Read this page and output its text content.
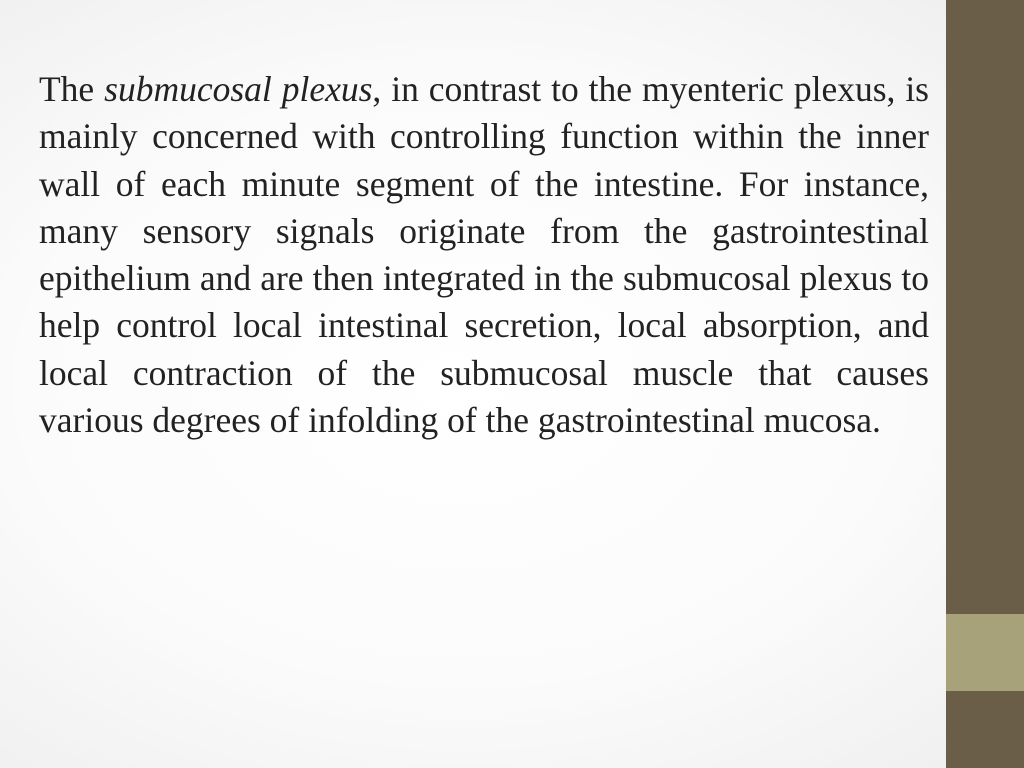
The submucosal plexus, in contrast to the myenteric plexus, is mainly concerned with controlling function within the inner wall of each minute segment of the intestine. For instance, many sensory signals originate from the gastrointestinal epithelium and are then integrated in the submucosal plexus to help control local intestinal secretion, local absorption, and local contraction of the submucosal muscle that causes various degrees of infolding of the gastrointestinal mucosa.
